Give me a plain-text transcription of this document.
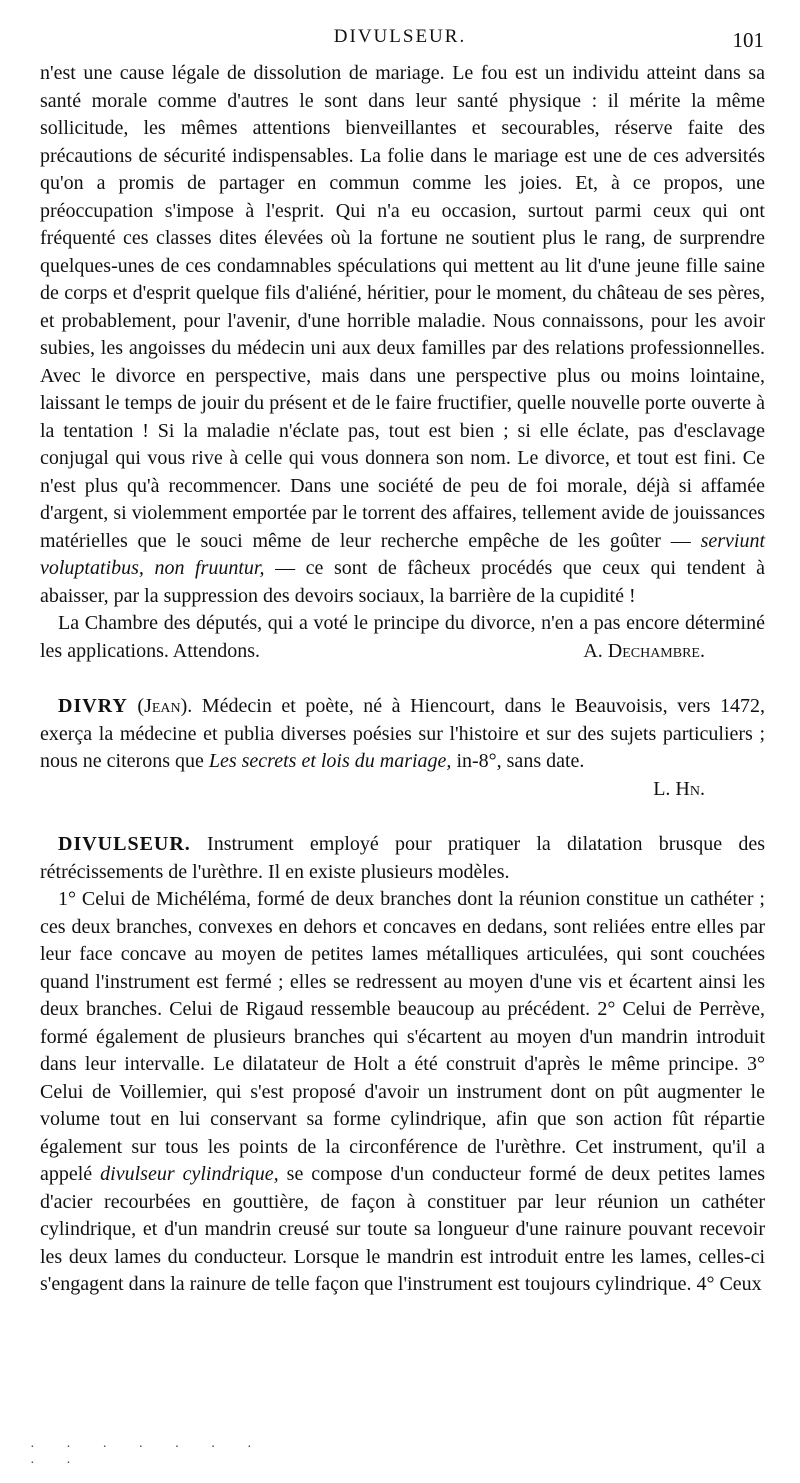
DIVULSEUR.	101

n'est une cause légale de dissolution de mariage. Le fou est un individu atteint dans sa santé morale comme d'autres le sont dans leur santé physique : il mérite la même sollicitude, les mêmes attentions bienveillantes et secourables, réserve faite des précautions de sécurité indispensables. La folie dans le mariage est une de ces adversités qu'on a promis de partager en commun comme les joies. Et, à ce propos, une préoccupation s'impose à l'esprit. Qui n'a eu occasion, surtout parmi ceux qui ont fréquenté ces classes dites élevées où la fortune ne soutient plus le rang, de surprendre quelques-unes de ces condamnables spéculations qui mettent au lit d'une jeune fille saine de corps et d'esprit quelque fils d'aliéné, héritier, pour le moment, du château de ses pères, et probablement, pour l'avenir, d'une horrible maladie. Nous connaissons, pour les avoir subies, les angoisses du médecin uni aux deux familles par des relations professionnelles. Avec le divorce en perspective, mais dans une perspective plus ou moins lointaine, laissant le temps de jouir du présent et de le faire fructifier, quelle nouvelle porte ouverte à la tentation ! Si la maladie n'éclate pas, tout est bien ; si elle éclate, pas d'esclavage conjugal qui vous rive à celle qui vous donnera son nom. Le divorce, et tout est fini. Ce n'est plus qu'à recommencer. Dans une société de peu de foi morale, déjà si affamée d'argent, si violemment emportée par le torrent des affaires, tellement avide de jouissances matérielles que le souci même de leur recherche empêche de les goûter — serviunt voluptatibus, non fruuntur, — ce sont de fâcheux procédés que ceux qui tendent à abaisser, par la suppression des devoirs sociaux, la barrière de la cupidité !

La Chambre des députés, qui a voté le principe du divorce, n'en a pas encore déterminé les applications. Attendons.	A. Dechambre.

DIVRY (Jean). Médecin et poète, né à Hiencourt, dans le Beauvoisis, vers 1472, exerça la médecine et publia diverses poésies sur l'histoire et sur des sujets particuliers ; nous ne citerons que Les secrets et lois du mariage, in-8°, sans date.

L. Hn.

DIVULSEUR. Instrument employé pour pratiquer la dilatation brusque des rétrécissements de l'urèthre. Il en existe plusieurs modèles.

1° Celui de Michéléma, formé de deux branches dont la réunion constitue un cathéter ; ces deux branches, convexes en dehors et concaves en dedans, sont reliées entre elles par leur face concave au moyen de petites lames métalliques articulées, qui sont couchées quand l'instrument est fermé ; elles se redressent au moyen d'une vis et écartent ainsi les deux branches. Celui de Rigaud ressemble beaucoup au précédent. 2° Celui de Perrève, formé également de plusieurs branches qui s'écartent au moyen d'un mandrin introduit dans leur intervalle. Le dilatateur de Holt a été construit d'après le même principe. 3° Celui de Voillemier, qui s'est proposé d'avoir un instrument dont on pût augmenter le volume tout en lui conservant sa forme cylindrique, afin que son action fût répartie également sur tous les points de la circonférence de l'urèthre. Cet instrument, qu'il a appelé divulseur cylindrique, se compose d'un conducteur formé de deux petites lames d'acier recourbées en gouttière, de façon à constituer par leur réunion un cathéter cylindrique, et d'un mandrin creusé sur toute sa longueur d'une rainure pouvant recevoir les deux lames du conducteur. Lorsque le mandrin est introduit entre les lames, celles-ci s'engagent dans la rainure de telle façon que l'instrument est toujours cylindrique. 4° Ceux

· · · · · · · · ·
